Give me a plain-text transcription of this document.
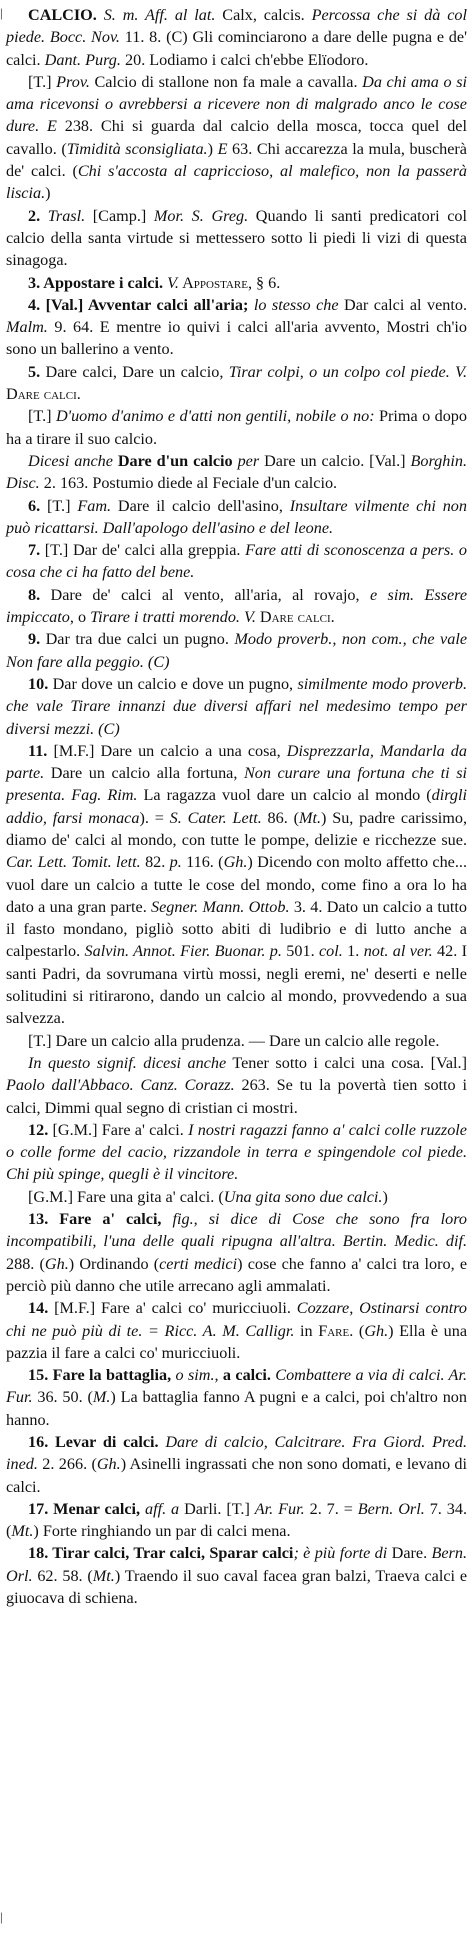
|
|

CALCIO. S. m. Aff. al lat. Calx, calcis. Percossa che si dà col piede. Bocc. Nov. 11. 8. (C) Gli cominciarono a dare delle pugna e de' calci. Dant. Purg. 20. Lodiamo i calci ch'ebbe Elïodoro.

[T.] Prov. Calcio di stallone non fa male a cavalla. Da chi ama o si ama ricevonsi o avrebbersi a ricevere non di malgrado anco le cose dure. E 238. Chi si guarda dal calcio della mosca, tocca quel del cavallo. (Timidità sconsigliata.) E 63. Chi accarezza la mula, buscherà de' calci. (Chi s'accosta al capriccioso, al malefico, non la passerà liscia.)

2. Trasl. [Camp.] Mor. S. Greg. Quando li santi predicatori col calcio della santa virtude si mettessero sotto li piedi li vizi di questa sinagoga.

3. Appostare i calci. V. Appostare, § 6.

4. [Val.] Avventar calci all'aria; lo stesso che Dar calci al vento. Malm. 9. 64. E mentre io quivi i calci all'aria avvento, Mostri ch'io sono un ballerino a vento.

5. Dare calci, Dare un calcio, Tirar colpi, o un colpo col piede. V. Dare calci.

[T.] D'uomo d'animo e d'atti non gentili, nobile o no: Prima o dopo ha a tirare il suo calcio.

Dicesi anche Dare d'un calcio per Dare un calcio. [Val.] Borghin. Disc. 2. 163. Postumio diede al Feciale d'un calcio.

6. [T.] Fam. Dare il calcio dell'asino, Insultare vilmente chi non può ricattarsi. Dall'apologo dell'asino e del leone.

7. [T.] Dar de' calci alla greppia. Fare atti di sconoscenza a pers. o cosa che ci ha fatto del bene.

8. Dare de' calci al vento, all'aria, al rovajo, e sim. Essere impiccato, o Tirare i tratti morendo. V. Dare calci.

9. Dar tra due calci un pugno. Modo proverb., non com., che vale Non fare alla peggio. (C)

10. Dar dove un calcio e dove un pugno, similmente modo proverb. che vale Tirare innanzi due diversi affari nel medesimo tempo per diversi mezzi. (C)

11. [M.F.] Dare un calcio a una cosa, Disprezzarla, Mandarla da parte. Dare un calcio alla fortuna, Non curare una fortuna che ti si presenta. Fag. Rim. La ragazza vuol dare un calcio al mondo (dirgli addio, farsi monaca). = S. Cater. Lett. 86. (Mt.) Su, padre carissimo, diamo de' calci al mondo, con tutte le pompe, delizie e ricchezze sue. Car. Lett. Tomit. lett. 82. p. 116. (Gh.) Dicendo con molto affetto che... vuol dare un calcio a tutte le cose del mondo, come fino a ora lo ha dato a una gran parte. Segner. Mann. Ottob. 3. 4. Dato un calcio a tutto il fasto mondano, pigliò sotto abiti di ludibrio e di lutto anche a calpestarlo. Salvin. Annot. Fier. Buonar. p. 501. col. 1. not. al ver. 42. I santi Padri, da sovrumana virtù mossi, negli eremi, ne' deserti e nelle solitudini si ritirarono, dando un calcio al mondo, provvedendo a sua salvezza.

[T.] Dare un calcio alla prudenza. — Dare un calcio alle regole.

In questo signif. dicesi anche Tener sotto i calci una cosa. [Val.] Paolo dall'Abbaco. Canz. Corazz. 263. Se tu la povertà tien sotto i calci, Dimmi qual segno di cristian ci mostri.

12. [G.M.] Fare a' calci. I nostri ragazzi fanno a' calci colle ruzzole o colle forme del cacio, rizzandole in terra e spingendole col piede. Chi più spinge, quegli è il vincitore.

[G.M.] Fare una gita a' calci. (Una gita sono due calci.)

13. Fare a' calci, fig., si dice di Cose che sono fra loro incompatibili, l'una delle quali ripugna all'altra. Bertin. Medic. dif. 288. (Gh.) Ordinando (certi medici) cose che fanno a' calci tra loro, e perciò più danno che utile arrecano agli ammalati.

14. [M.F.] Fare a' calci co' muricciuoli. Cozzare, Ostinarsi contro chi ne può più di te. = Ricc. A. M. Calligr. in Fare. (Gh.) Ella è una pazzia il fare a calci co' muricciuoli.

15. Fare la battaglia, o sim., a calci. Combattere a via di calci. Ar. Fur. 36. 50. (M.) La battaglia fanno A pugni e a calci, poi ch'altro non hanno.

16. Levar di calci. Dare di calcio, Calcitrare. Fra Giord. Pred. ined. 2. 266. (Gh.) Asinelli ingrassati che non sono domati, e levano di calci.

17. Menar calci, aff. a Darli. [T.] Ar. Fur. 2. 7. = Bern. Orl. 7. 34. (Mt.) Forte ringhiando un par di calci mena.

18. Tirar calci, Trar calci, Sparar calci; è più forte di Dare. Bern. Orl. 62. 58. (Mt.) Traendo il suo caval facea gran balzi, Traeva calci e giuocava di schiena.
